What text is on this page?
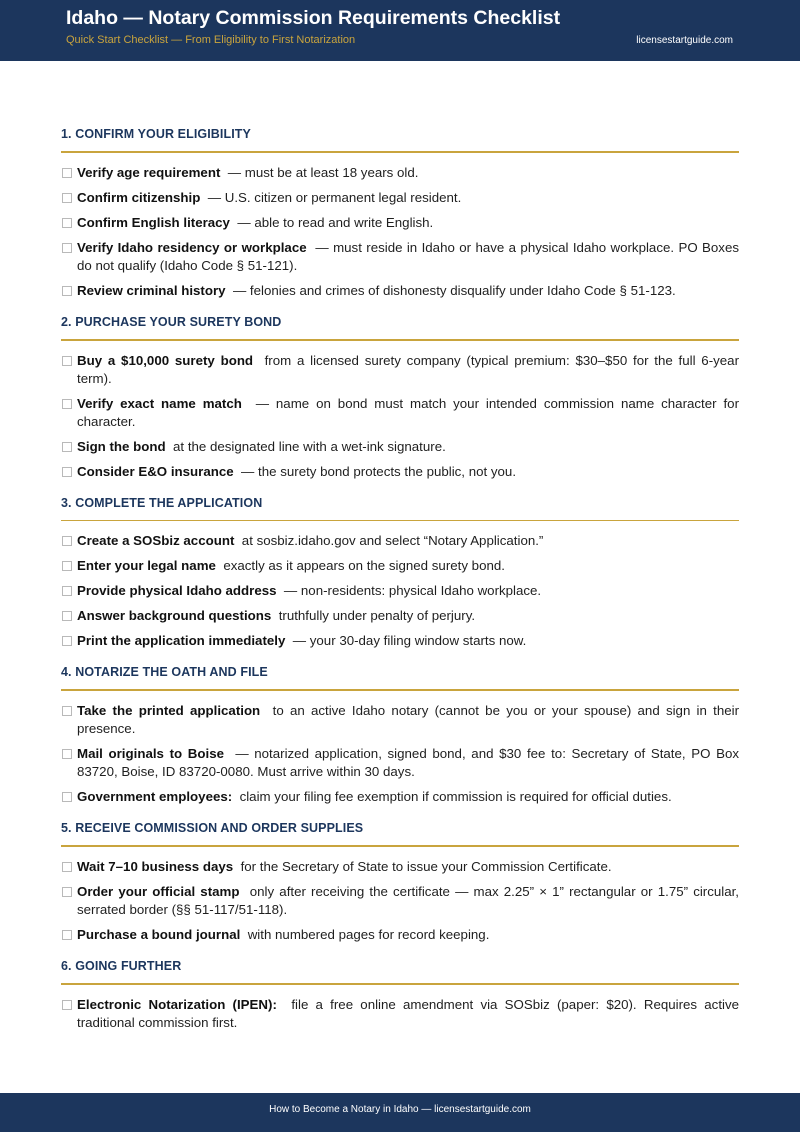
Idaho — Notary Commission Requirements Checklist
Quick Start Checklist — From Eligibility to First Notarization	licensestartguide.com
1. CONFIRM YOUR ELIGIBILITY
Verify age requirement — must be at least 18 years old.
Confirm citizenship — U.S. citizen or permanent legal resident.
Confirm English literacy — able to read and write English.
Verify Idaho residency or workplace — must reside in Idaho or have a physical Idaho workplace. PO Boxes do not qualify (Idaho Code § 51-121).
Review criminal history — felonies and crimes of dishonesty disqualify under Idaho Code § 51-123.
2. PURCHASE YOUR SURETY BOND
Buy a $10,000 surety bond from a licensed surety company (typical premium: $30–$50 for the full 6-year term).
Verify exact name match — name on bond must match your intended commission name character for character.
Sign the bond at the designated line with a wet-ink signature.
Consider E&O insurance — the surety bond protects the public, not you.
3. COMPLETE THE APPLICATION
Create a SOSbiz account at sosbiz.idaho.gov and select “Notary Application.”
Enter your legal name exactly as it appears on the signed surety bond.
Provide physical Idaho address — non-residents: physical Idaho workplace.
Answer background questions truthfully under penalty of perjury.
Print the application immediately — your 30-day filing window starts now.
4. NOTARIZE THE OATH AND FILE
Take the printed application to an active Idaho notary (cannot be you or your spouse) and sign in their presence.
Mail originals to Boise — notarized application, signed bond, and $30 fee to: Secretary of State, PO Box 83720, Boise, ID 83720-0080. Must arrive within 30 days.
Government employees: claim your filing fee exemption if commission is required for official duties.
5. RECEIVE COMMISSION AND ORDER SUPPLIES
Wait 7–10 business days for the Secretary of State to issue your Commission Certificate.
Order your official stamp only after receiving the certificate — max 2.25” × 1” rectangular or 1.75” circular, serrated border (§§ 51-117/51-118).
Purchase a bound journal with numbered pages for record keeping.
6. GOING FURTHER
Electronic Notarization (IPEN): file a free online amendment via SOSbiz (paper: $20). Requires active traditional commission first.
How to Become a Notary in Idaho — licensestartguide.com
